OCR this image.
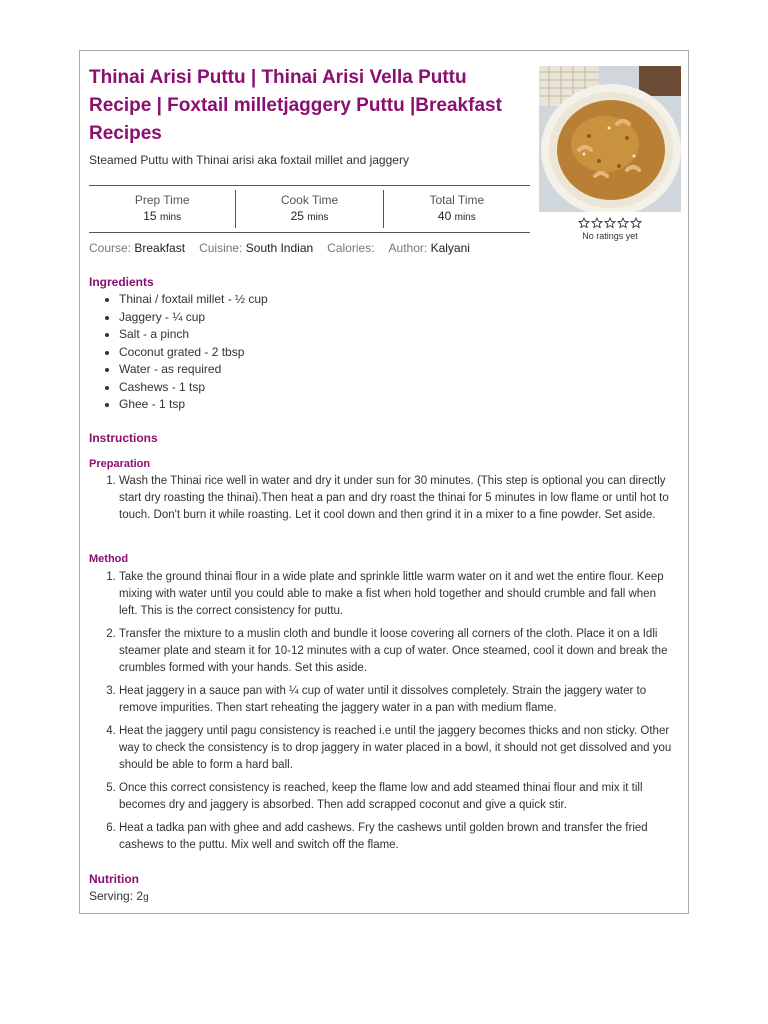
Thinai Arisi Puttu | Thinai Arisi Vella Puttu Recipe | Foxtail milletjaggery Puttu |Breakfast Recipes
Steamed Puttu with Thinai arisi aka foxtail millet and jaggery
No ratings yet
Prep Time
15 mins
Cook Time
25 mins
Total Time
40 mins
Course: Breakfast Cuisine: South Indian Calories: Author: Kalyani
Ingredients
• Thinai / foxtail millet - ½ cup
• Jaggery - ¼ cup
• Salt - a pinch
• Coconut grated - 2 tbsp
• Water - as required
• Cashews - 1 tsp
• Ghee - 1 tsp
Instructions
Preparation
1. Wash the Thinai rice well in water and dry it under sun for 30 minutes. (This step is optional you can directly start dry roasting the thinai).Then heat a pan and dry roast the thinai for 5 minutes in low flame or until hot to touch. Don't burn it while roasting. Let it cool down and then grind it in a mixer to a fine powder. Set aside.
Method
1. Take the ground thinai flour in a wide plate and sprinkle little warm water on it and wet the entire flour. Keep mixing with water until you could able to make a fist when hold together and should crumble and fall when left. This is the correct consistency for puttu.
2. Transfer the mixture to a muslin cloth and bundle it loose covering all corners of the cloth. Place it on a Idli steamer plate and steam it for 10-12 minutes with a cup of water. Once steamed, cool it down and break the crumbles formed with your hands. Set this aside.
3. Heat jaggery in a sauce pan with ¼ cup of water until it dissolves completely. Strain the jaggery water to remove impurities. Then start reheating the jaggery water in a pan with medium flame.
4. Heat the jaggery until pagu consistency is reached i.e until the jaggery becomes thicks and non sticky. Other way to check the consistency is to drop jaggery in water placed in a bowl, it should not get dissolved and you should be able to form a hard ball.
5. Once this correct consistency is reached, keep the flame low and add steamed thinai flour and mix it till becomes dry and jaggery is absorbed. Then add scrapped coconut and give a quick stir.
6. Heat a tadka pan with ghee and add cashews. Fry the cashews until golden brown and transfer the fried cashews to the puttu. Mix well and switch off the flame.
Nutrition
Serving: 2g
